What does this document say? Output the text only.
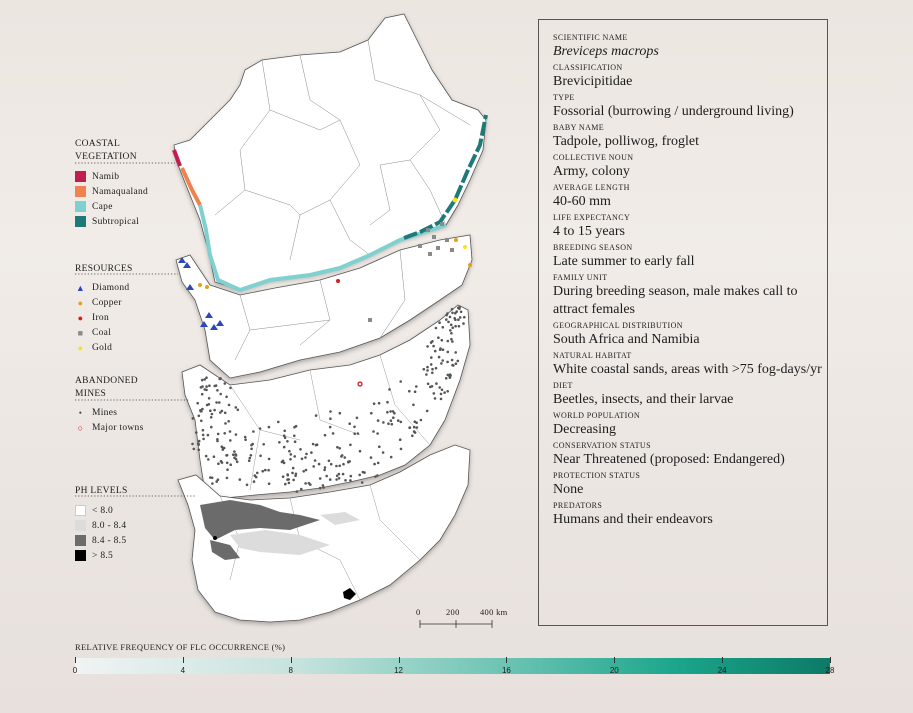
0	200 400 km
COASTAL
VEGETATION
Namib
Namaqualand
Cape
Subtropical
RESOURCES
▲ Diamond
● Copper
● Iron
■ Coal
● Gold
ABANDONED
MINES
•	Mines
○ Major towns
PH LEVELS
< 8.0
8.0 - 8.4
8.4 - 8.5
> 8.5
SCIENTIFIC NAME
Breviceps macrops
CLASSIFICATION
Brevicipitidae
TYPE
Fossorial (burrowing / underground living)
BABY NAME
Tadpole, polliwog, froglet
COLLECTIVE NOUN
Army, colony
AVERAGE LENGTH
40-60 mm
LIFE EXPECTANCY
4 to 15 years
BREEDING SEASON
Late summer to early fall
FAMILY UNIT
During breeding season, male makes call to attract females
GEOGRAPHICAL DISTRIBUTION
South Africa and Namibia
NATURAL HABITAT
White coastal sands, areas with >75 fog-days/yr
DIET
Beetles, insects, and their larvae
WORLD POPULATION
Decreasing
CONSERVATION STATUS
Near Threatened (proposed: Endangered)
PROTECTION STATUS
None
PREDATORS
Humans and their endeavors
RELATIVE FREQUENCY OF FLC OCCURRENCE (%)
0	4	8	12	16	20	24	28
